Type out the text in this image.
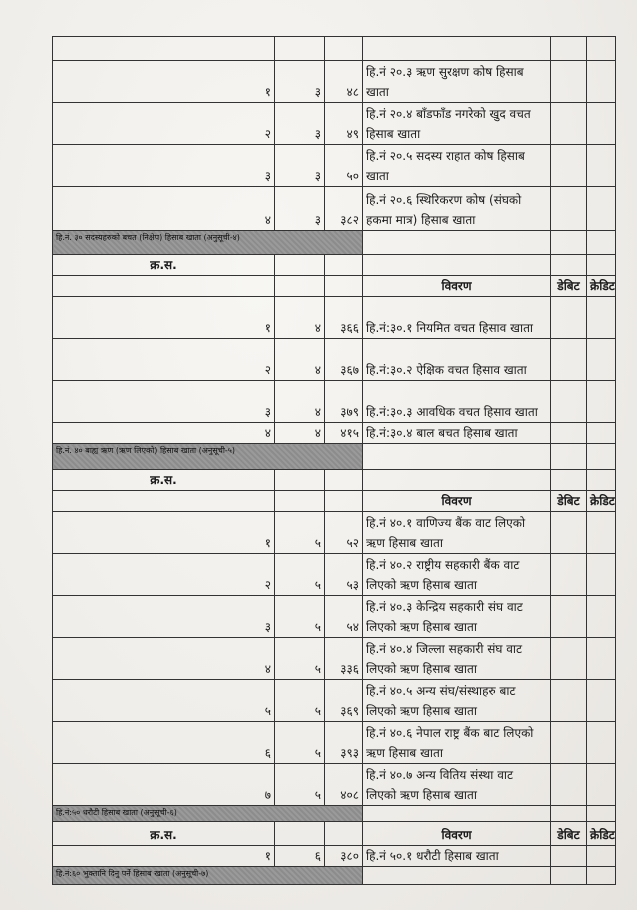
१	३	४८	हि.नं २०.३ ऋण सुरक्षण कोष हिसाब खाता		
२	३	४९	हि.नं २०.४ बाँडफाँड नगरेको खुद वचत हिसाब खाता		
३	३	५०	हि.नं २०.५ सदस्य राहात कोष हिसाब खाता		
४	३	३८२	हि.नं २०.६ स्थिरिकरण कोष (संघको हकमा मात्र) हिसाब खाता		
हि.नं. ३० सदस्यहरुको बचत (निक्षेप) हिसाब खाता (अनुसूची-४)					
क्र.स.					
			विवरण	डेबिट	क्रेडिट
१	४	३६६	हि.नं:३०.१ नियमित वचत हिसाव खाता		
२	४	३६७	हि.नं:३०.२ ऐक्षिक वचत हिसाव खाता		
३	४	३७९	हि.नं:३०.३ आवधिक वचत हिसाव खाता		
४	४	४१५	हि.नं:३०.४ बाल बचत हिसाब खाता		
हि.नं. ४० बाह्य ऋण (ऋण लिएको) हिसाब खाता (अनुसूची-५)					
क्र.स.					
			विवरण	डेबिट	क्रेडिट
१	५	५२	हि.नं ४०.१ वाणिज्य बैंक वाट लिएको ऋण हिसाब खाता		
२	५	५३	हि.नं ४०.२ राष्ट्रीय सहकारी बैंक वाट लिएको ऋण हिसाब खाता		
३	५	५४	हि.नं ४०.३ केन्द्रिय सहकारी संघ वाट लिएको ऋण हिसाब खाता		
४	५	३३६	हि.नं ४०.४ जिल्ला सहकारी संघ वाट लिएको ऋण हिसाब खाता		
५	५	३६९	हि.नं ४०.५ अन्य संघ/संस्थाहरु बाट लिएको ऋण हिसाब खाता		
६	५	३९३	हि.नं ४०.६ नेपाल राष्ट्र बैंक बाट लिएको ऋण हिसाब खाता		
७	५	४०८	हि.नं ४०.७ अन्य वितिय संस्था वाट लिएको ऋण हिसाब खाता		
हि.नं:५० धरौटी हिसाब खाता (अनुसूची-६)					
क्र.स.			विवरण	डेबिट	क्रेडिट
१	६	३८०	हि.नं ५०.१ धरौटी हिसाब खाता		
हि.नं:६० भुक्तानि दिनु पर्ने हिसाब खाता (अनुसूची-७)					
